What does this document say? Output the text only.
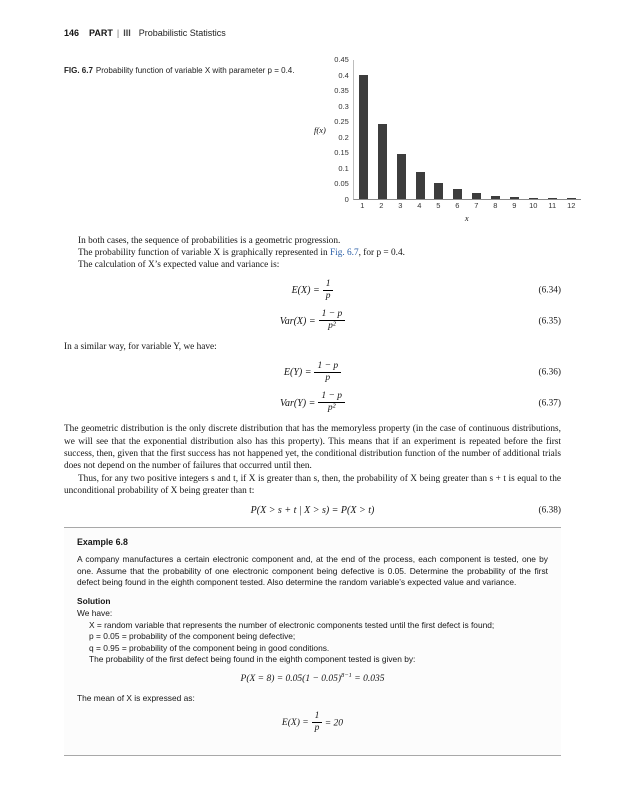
146 PART | III Probabilistic Statistics
FIG. 6.7 Probability function of variable X with parameter p = 0.4.
f(x)
0
0.05
0.1
0.15
0.2
0.25
0.3
0.35
0.4
0.45
1	2	3	4	5	6	7	8	9	10	11	12
x

In both cases, the sequence of probabilities is a geometric progression.

The probability function of variable X is graphically represented in Fig. 6.7, for p = 0.4.

The calculation of X’s expected value and variance is:

$E(X) = \frac{1}{p}$	(6.34)
$Var(X) = \frac{1 - p}{\text{p²}}$	(6.35)

In a similar way, for variable Y, we have:

$E(Y) = \frac{1 - p}{p}$	(6.36)
$Var(Y) = \frac{1 - p}{\text{p²}}$	(6.37)

The geometric distribution is the only discrete distribution that has the memoryless property (in the case of continuous distributions, we will see that the exponential distribution also has this property). This means that if an experiment is repeated before the first success, then, given that the first success has not happened yet, the conditional distribution function of the number of additional trials does not depend on the number of failures that occurred until then.

Thus, for any two positive integers s and t, if X is greater than s, then, the probability of X being greater than s + t is equal to the unconditional probability of X being greater than t:

P(X > s + t | X > s) = P(X > t)	(6.38)
Example 6.8

A company manufactures a certain electronic component and, at the end of the process, each component is tested, one by one. Assume that the probability of one electronic component being defective is 0.05. Determine the probability of the first defect being found in the eighth component tested. Also determine the random variable’s expected value and variance.

Solution
We have:

X = random variable that represents the number of electronic components tested until the first defect is found;

p = 0.05 = probability of the component being defective;

q = 0.95 = probability of the component being in good conditions.

The probability of the first defect being found in the eighth component tested is given by:

$P(X = 8) = 0.05(1 - 0.05)^{8-1} = 0.035$
The mean of X is expressed as:
$E(X) = \frac{1}{p} = 20$
